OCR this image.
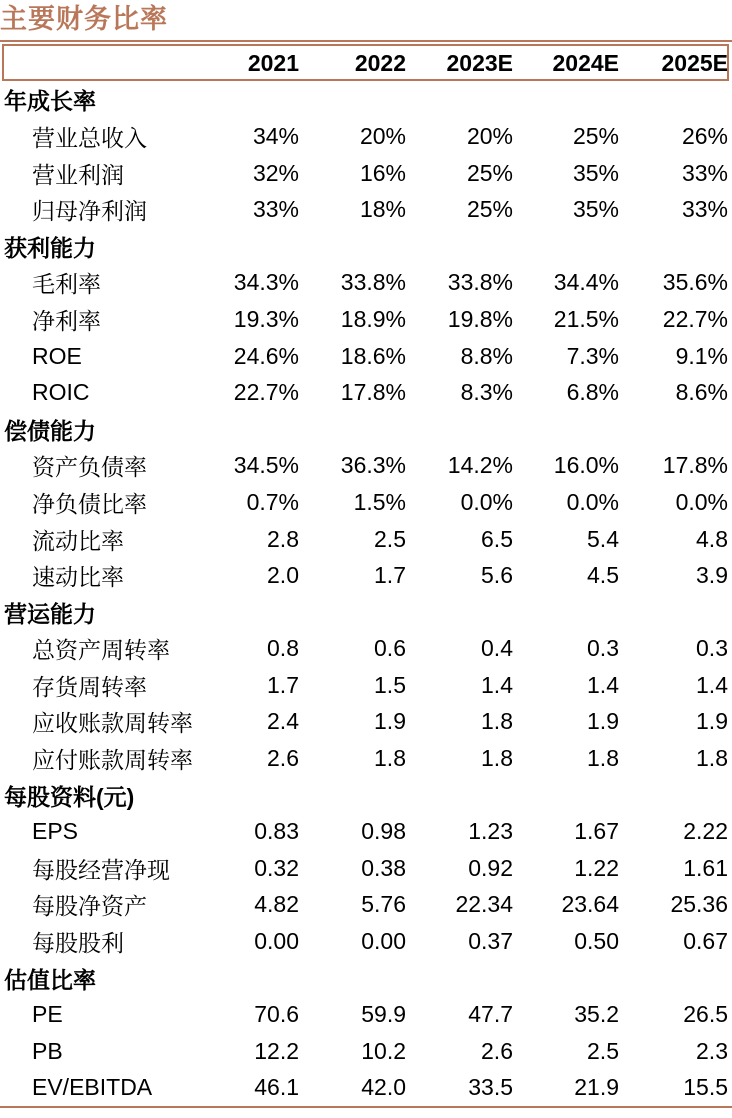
主要财务比率
	2021	2022	2023E	2024E	2025E
年成长率					
营业总收入	34%	20%	20%	25%	26%
营业利润	32%	16%	25%	35%	33%
归母净利润	33%	18%	25%	35%	33%
获利能力					
毛利率	34.3%	33.8%	33.8%	34.4%	35.6%
净利率	19.3%	18.9%	19.8%	21.5%	22.7%
ROE	24.6%	18.6%	8.8%	7.3%	9.1%
ROIC	22.7%	17.8%	8.3%	6.8%	8.6%
偿债能力					
资产负债率	34.5%	36.3%	14.2%	16.0%	17.8%
净负债比率	0.7%	1.5%	0.0%	0.0%	0.0%
流动比率	2.8	2.5	6.5	5.4	4.8
速动比率	2.0	1.7	5.6	4.5	3.9
营运能力					
总资产周转率	0.8	0.6	0.4	0.3	0.3
存货周转率	1.7	1.5	1.4	1.4	1.4
应收账款周转率	2.4	1.9	1.8	1.9	1.9
应付账款周转率	2.6	1.8	1.8	1.8	1.8
每股资料(元)					
EPS	0.83	0.98	1.23	1.67	2.22
每股经营净现	0.32	0.38	0.92	1.22	1.61
每股净资产	4.82	5.76	22.34	23.64	25.36
每股股利	0.00	0.00	0.37	0.50	0.67
估值比率					
PE	70.6	59.9	47.7	35.2	26.5
PB	12.2	10.2	2.6	2.5	2.3
EV/EBITDA	46.1	42.0	33.5	21.9	15.5
